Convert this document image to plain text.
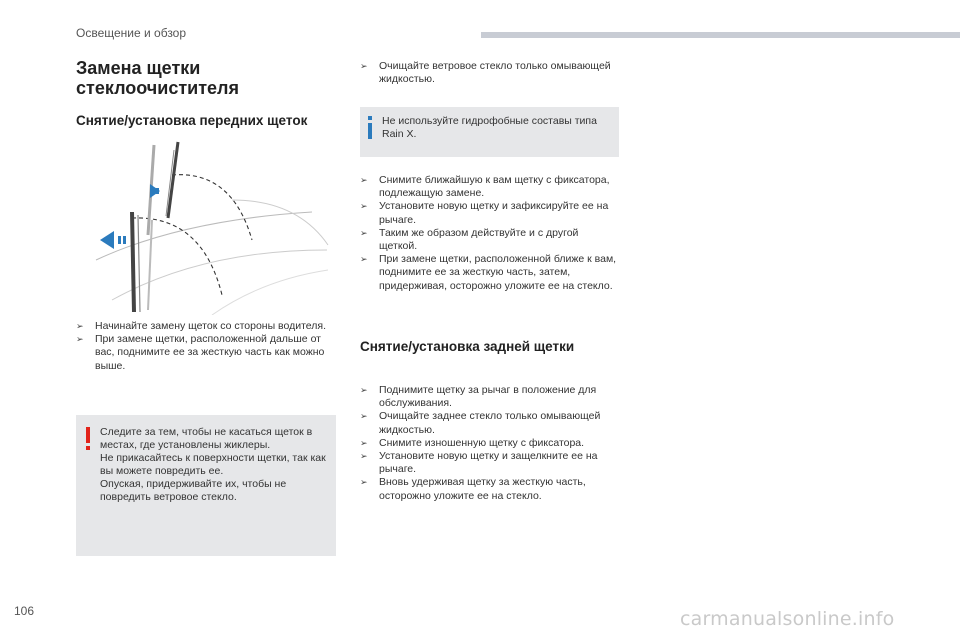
Освещение и обзор
Замена щетки
стеклоочистителя
Снятие/установка передних щеток
➢ Начинайте замену щеток со стороны водителя.
➢ При замене щетки, расположенной дальше от вас, поднимите ее за жесткую часть как можно выше.

Следите за тем, чтобы не касаться щеток в местах, где установлены жиклеры.

Не прикасайтесь к поверхности щетки, так как вы можете повредить ее.

Опуская, придерживайте их, чтобы не повредить ветровое стекло.

➢ Очищайте ветровое стекло только омывающей жидкостью.
Не используйте гидрофобные составы типа Rain X.
➢ Снимите ближайшую к вам щетку с фиксатора, подлежащую замене.
➢ Установите новую щетку и зафиксируйте ее на рычаге.
➢ Таким же образом действуйте и с другой щеткой.
➢ При замене щетки, расположенной ближе к вам, поднимите ее за жесткую часть, затем, придерживая, осторожно уложите ее на стекло.
Снятие/установка задней щетки
➢ Поднимите щетку за рычаг в положение для обслуживания.
➢ Очищайте заднее стекло только омывающей жидкостью.
➢ Снимите изношенную щетку с фиксатора.
➢ Установите новую щетку и защелкните ее на рычаге.
➢ Вновь удерживая щетку за жесткую часть, осторожно уложите ее на стекло.
106	carmanualsonline.info
